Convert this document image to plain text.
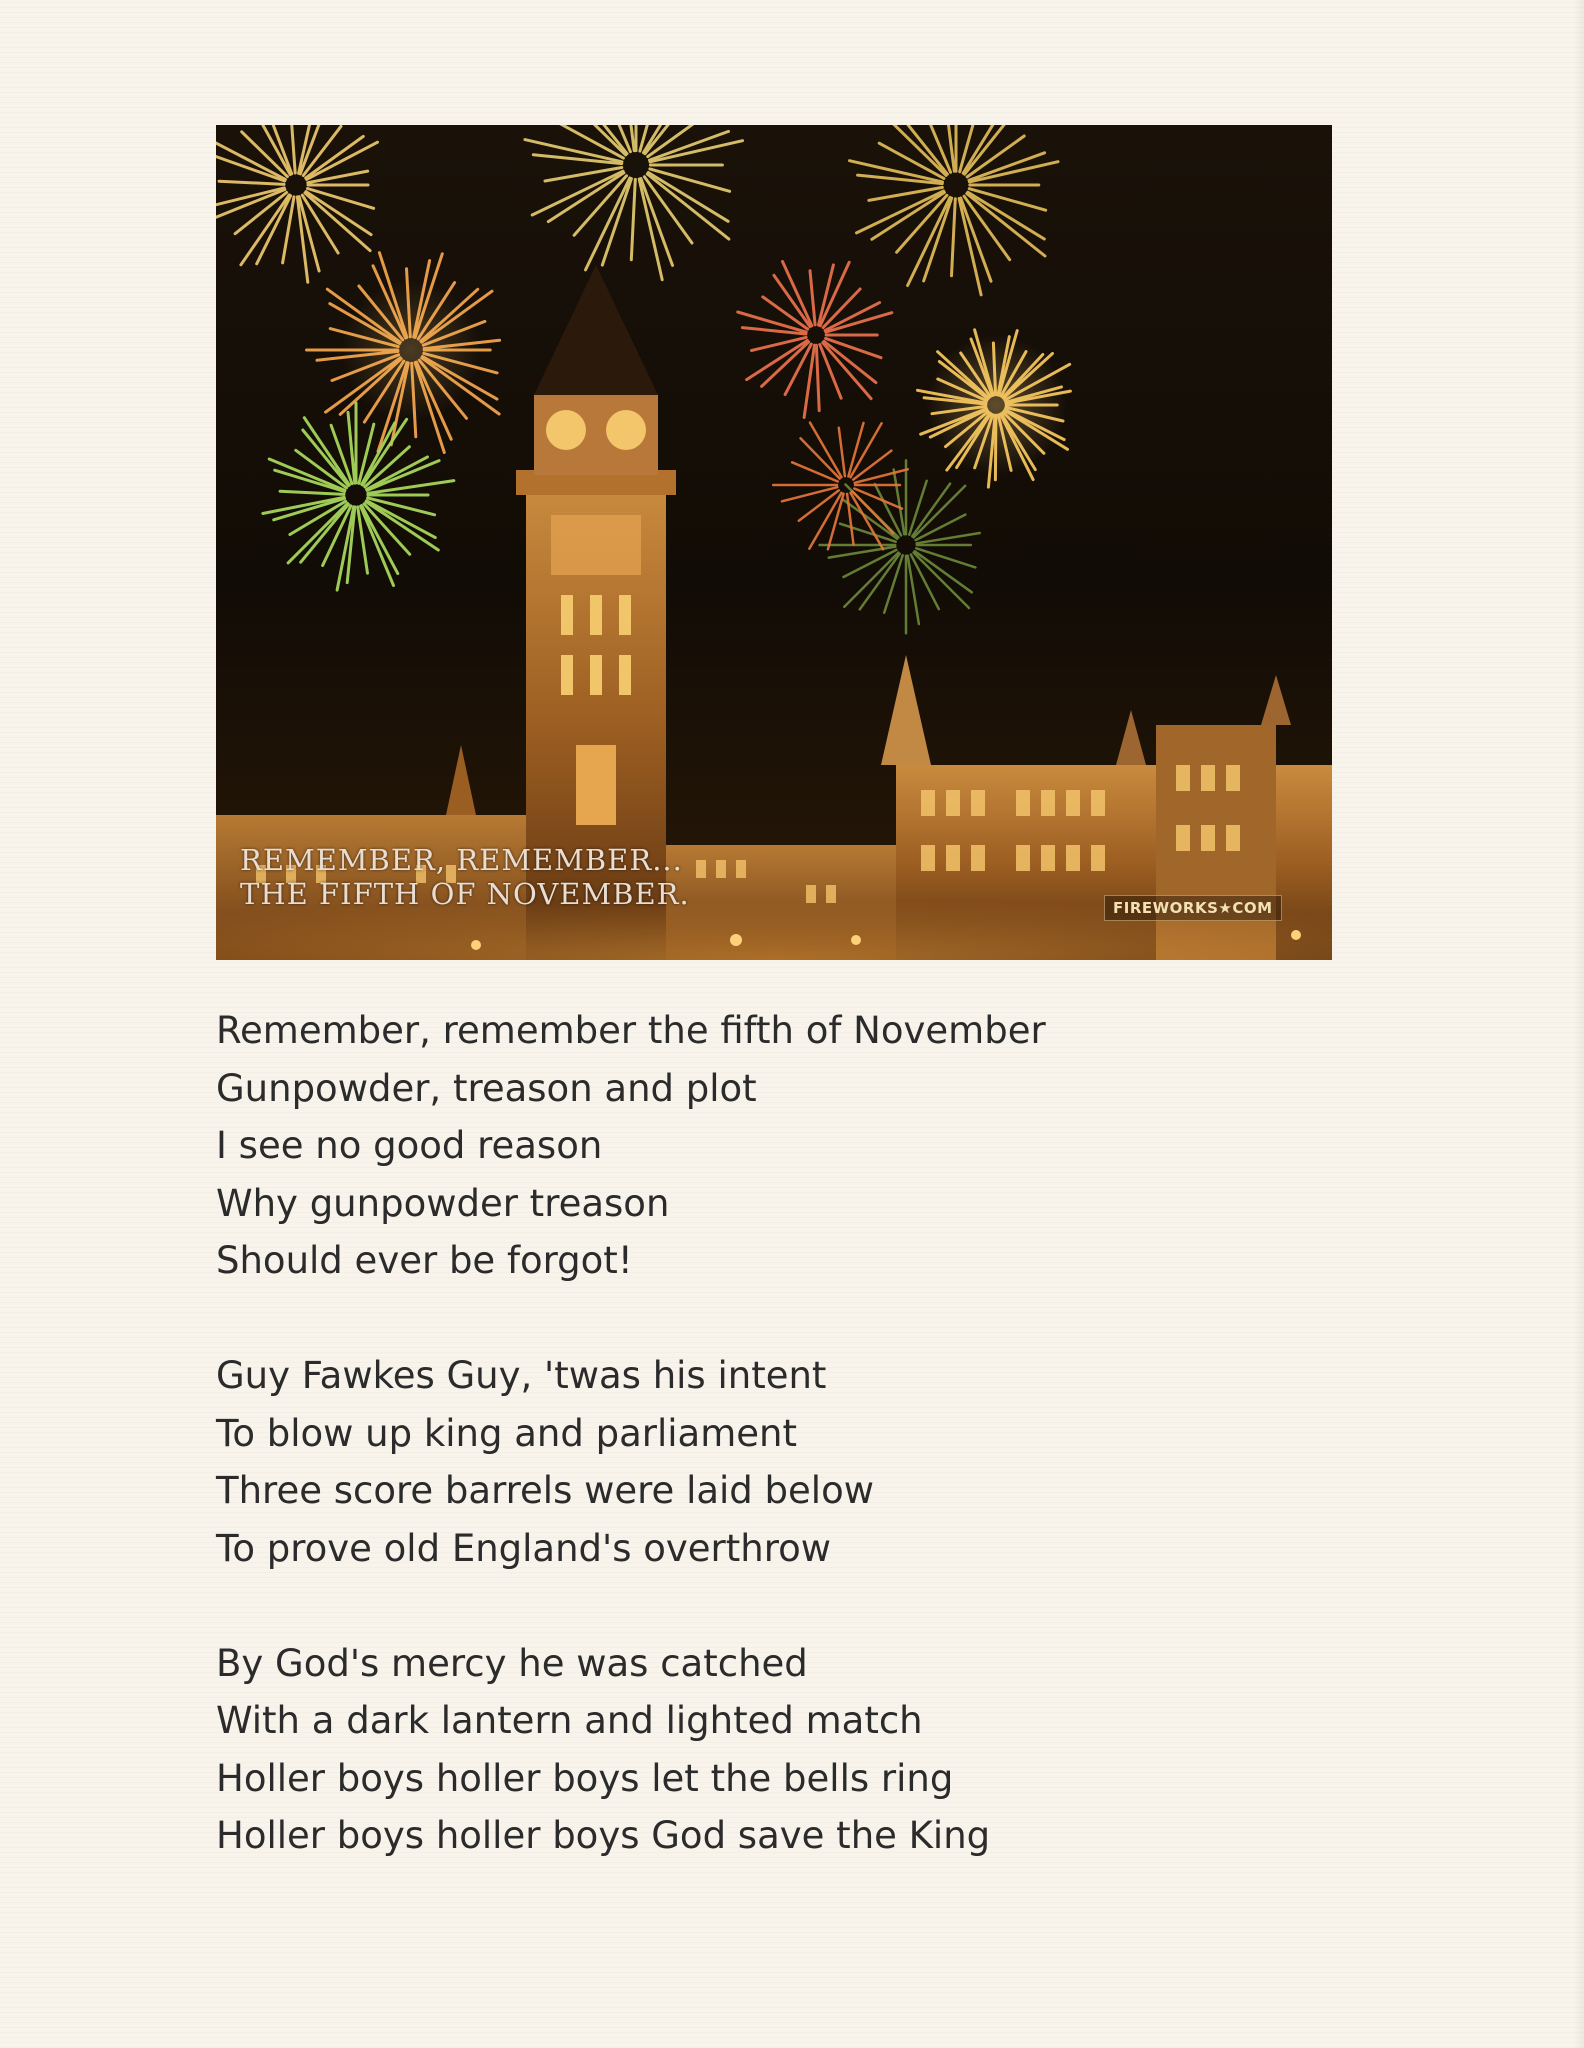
REMEMBER, REMEMBER...
THE FIFTH OF NOVEMBER.	FIREWORKS★COM
Remember, remember the fifth of November
Gunpowder, treason and plot
I see no good reason
Why gunpowder treason
Should ever be forgot!
Guy Fawkes Guy, 'twas his intent
To blow up king and parliament
Three score barrels were laid below
To prove old England's overthrow
By God's mercy he was catched
With a dark lantern and lighted match
Holler boys holler boys let the bells ring
Holler boys holler boys God save the King
